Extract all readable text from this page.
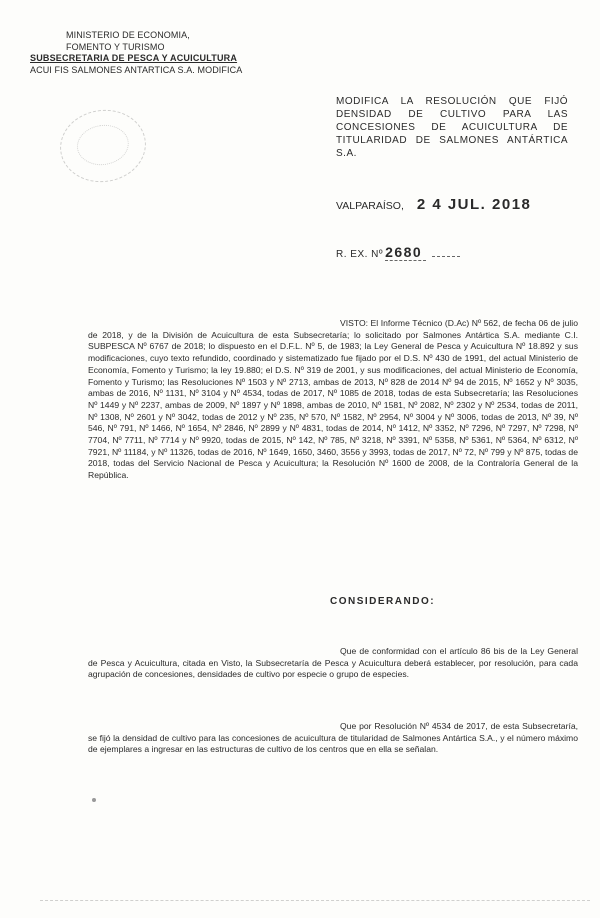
MINISTERIO DE ECONOMIA,
FOMENTO Y TURISMO
SUBSECRETARIA DE PESCA Y ACUICULTURA
ACUI FIS SALMONES ANTARTICA S.A. MODIFICA
MODIFICA LA RESOLUCIÓN QUE FIJÓ DENSIDAD DE CULTIVO PARA LAS CONCESIONES DE ACUICULTURA DE TITULARIDAD DE SALMONES ANTÁRTICA S.A.
VALPARAÍSO, 2 4 JUL. 2018
R. EX. Nº 2680
VISTO: El Informe Técnico (D.Ac) Nº 562, de fecha 06 de julio de 2018, y de la División de Acuicultura de esta Subsecretaría; lo solicitado por Salmones Antártica S.A. mediante C.I. SUBPESCA Nº 6767 de 2018; lo dispuesto en el D.F.L. Nº 5, de 1983; la Ley General de Pesca y Acuicultura Nº 18.892 y sus modificaciones, cuyo texto refundido, coordinado y sistematizado fue fijado por el D.S. Nº 430 de 1991, del actual Ministerio de Economía, Fomento y Turismo; la ley 19.880; el D.S. Nº 319 de 2001, y sus modificaciones, del actual Ministerio de Economía, Fomento y Turismo; las Resoluciones Nº 1503 y Nº 2713, ambas de 2013, Nº 828 de 2014 Nº 94 de 2015, Nº 1652 y Nº 3035, ambas de 2016, Nº 1131, Nº 3104 y Nº 4534, todas de 2017, Nº 1085 de 2018, todas de esta Subsecretaría; las Resoluciones Nº 1449 y Nº 2237, ambas de 2009, Nº 1897 y Nº 1898, ambas de 2010, Nº 1581, Nº 2082, Nº 2302 y Nº 2534, todas de 2011, Nº 1308, Nº 2601 y Nº 3042, todas de 2012 y Nº 235, Nº 570, Nº 1582, Nº 2954, Nº 3004 y Nº 3006, todas de 2013, Nº 39, Nº 546, Nº 791, Nº 1466, Nº 1654, Nº 2846, Nº 2899 y Nº 4831, todas de 2014, Nº 1412, Nº 3352, Nº 7296, Nº 7297, Nº 7298, Nº 7704, Nº 7711, Nº 7714 y Nº 9920, todas de 2015, Nº 142, Nº 785, Nº 3218, Nº 3391, Nº 5358, Nº 5361, Nº 5364, Nº 6312, Nº 7921, Nº 11184, y Nº 11326, todas de 2016, Nº 1649, 1650, 3460, 3556 y 3993, todas de 2017, Nº 72, Nº 799 y Nº 875, todas de 2018, todas del Servicio Nacional de Pesca y Acuicultura; la Resolución Nº 1600 de 2008, de la Contraloría General de la República.
CONSIDERANDO:
Que de conformidad con el artículo 86 bis de la Ley General de Pesca y Acuicultura, citada en Visto, la Subsecretaría de Pesca y Acuicultura deberá establecer, por resolución, para cada agrupación de concesiones, densidades de cultivo por especie o grupo de especies.
Que por Resolución Nº 4534 de 2017, de esta Subsecretaría, se fijó la densidad de cultivo para las concesiones de acuicultura de titularidad de Salmones Antártica S.A., y el número máximo de ejemplares a ingresar en las estructuras de cultivo de los centros que en ella se señalan.
